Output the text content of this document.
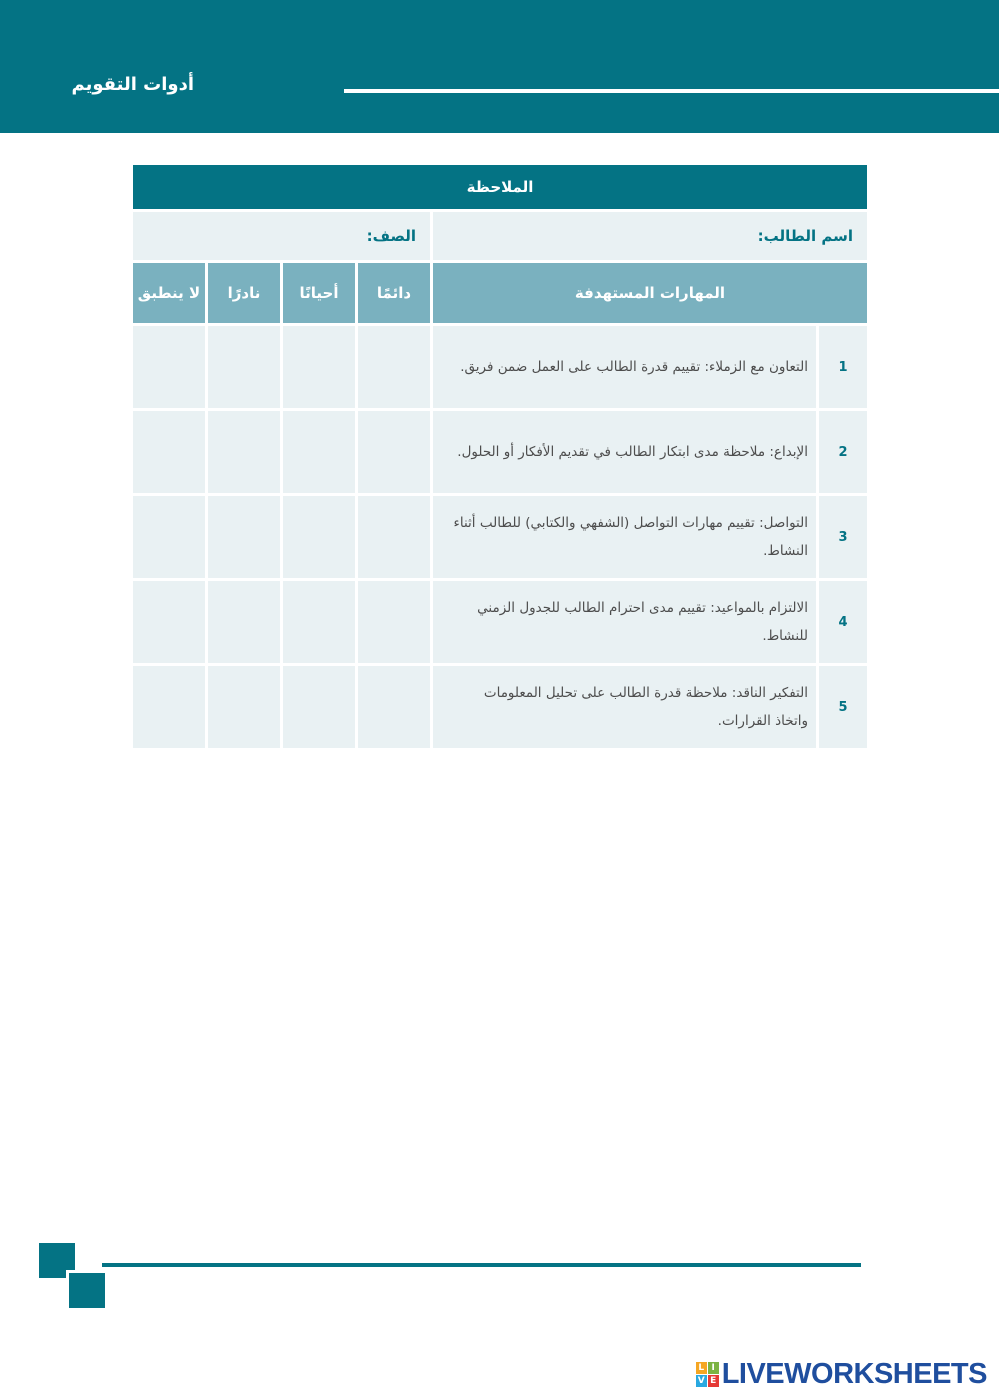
أدوات التقويم
الملاحظة					
اسم الطالب:		الصف:			
المهارات المستهدفة		دائمًا	أحيانًا	نادرًا	لا ينطبق
1	التعاون مع الزملاء: تقييم قدرة الطالب على العمل ضمن فريق.				
2	الإبداع: ملاحظة مدى ابتكار الطالب في تقديم الأفكار أو الحلول.				
3	التواصل: تقييم مهارات التواصل (الشفهي والكتابي) للطالب أثناء النشاط.				
4	الالتزام بالمواعيد: تقييم مدى احترام الطالب للجدول الزمني للنشاط.				
5	التفكير الناقد: ملاحظة قدرة الطالب على تحليل المعلومات واتخاذ القرارات.				
L I
V E LIVEWORKSHEETS
